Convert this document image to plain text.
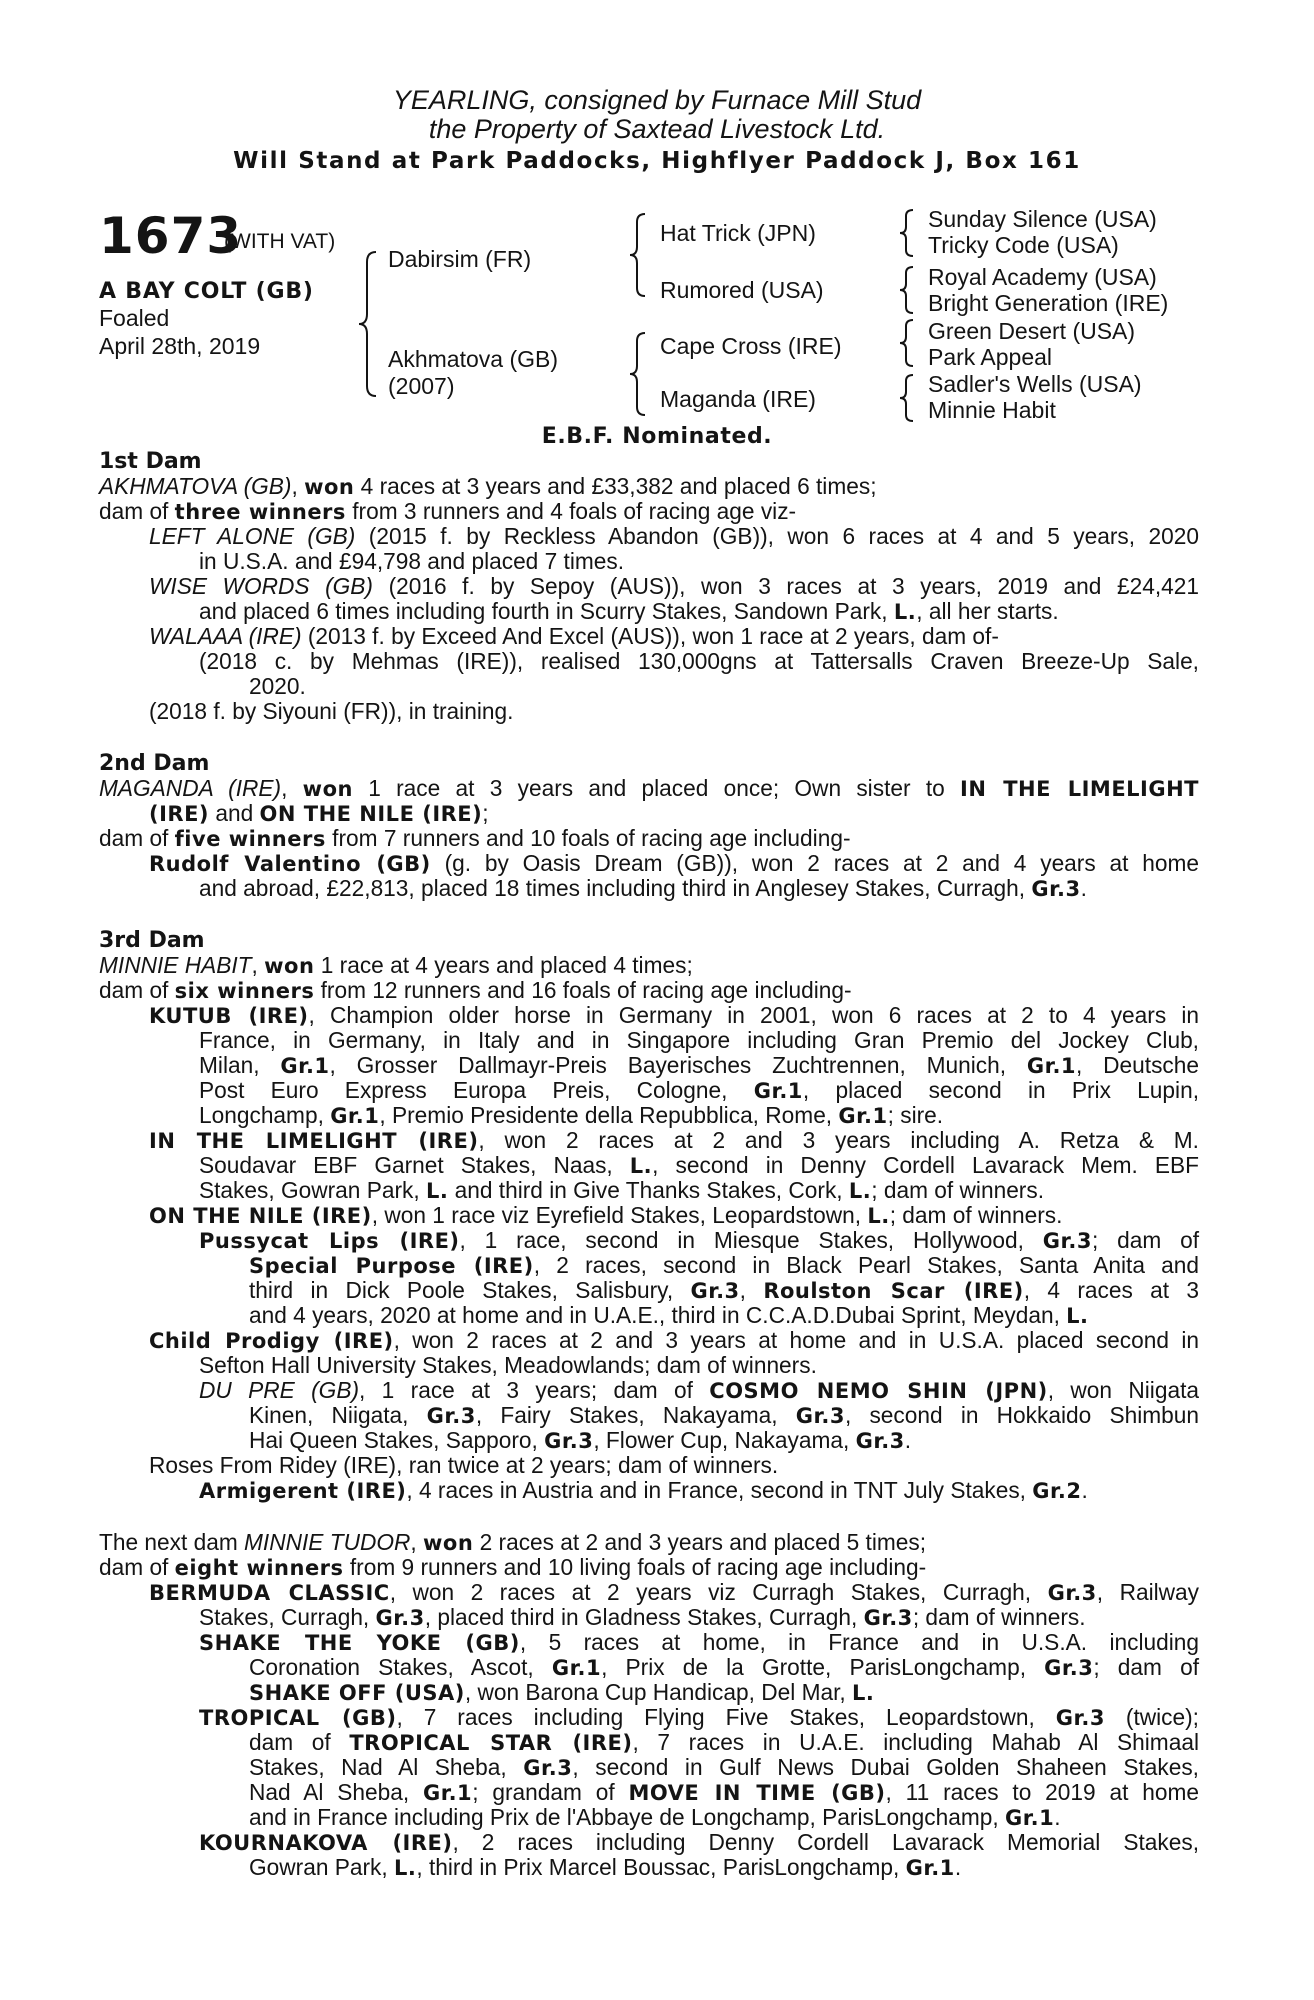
YEARLING, consigned by Furnace Mill Stud
the Property of Saxtead Livestock Ltd.
Will Stand at Park Paddocks, Highflyer Paddock J, Box 161
1673
(WITH VAT)
A BAY COLT (GB)
Foaled
April 28th, 2019
Dabirsim (FR)
Akhmatova (GB)
(2007)
Hat Trick (JPN)
Rumored (USA)
Cape Cross (IRE)
Maganda (IRE)
Sunday Silence (USA)
Tricky Code (USA)
Royal Academy (USA)
Bright Generation (IRE)
Green Desert (USA)
Park Appeal
Sadler's Wells (USA)
Minnie Habit
E.B.F. Nominated.
1st Dam
AKHMATOVA (GB), won 4 races at 3 years and £33,382 and placed 6 times;
dam of three winners from 3 runners and 4 foals of racing age viz-
LEFT ALONE (GB) (2015 f. by Reckless Abandon (GB)), won 6 races at 4 and 5 years, 2020
in U.S.A. and £94,798 and placed 7 times.
WISE WORDS (GB) (2016 f. by Sepoy (AUS)), won 3 races at 3 years, 2019 and £24,421
and placed 6 times including fourth in Scurry Stakes, Sandown Park, L., all her starts.
WALAAA (IRE) (2013 f. by Exceed And Excel (AUS)), won 1 race at 2 years, dam of-
(2018 c. by Mehmas (IRE)), realised 130,000gns at Tattersalls Craven Breeze-Up Sale,
2020.
(2018 f. by Siyouni (FR)), in training.
2nd Dam
MAGANDA (IRE), won 1 race at 3 years and placed once; Own sister to IN THE LIMELIGHT
(IRE) and ON THE NILE (IRE);
dam of five winners from 7 runners and 10 foals of racing age including-
Rudolf Valentino (GB) (g. by Oasis Dream (GB)), won 2 races at 2 and 4 years at home
and abroad, £22,813, placed 18 times including third in Anglesey Stakes, Curragh, Gr.3.
3rd Dam
MINNIE HABIT, won 1 race at 4 years and placed 4 times;
dam of six winners from 12 runners and 16 foals of racing age including-
KUTUB (IRE), Champion older horse in Germany in 2001, won 6 races at 2 to 4 years in
France, in Germany, in Italy and in Singapore including Gran Premio del Jockey Club,
Milan, Gr.1, Grosser Dallmayr-Preis Bayerisches Zuchtrennen, Munich, Gr.1, Deutsche
Post Euro Express Europa Preis, Cologne, Gr.1, placed second in Prix Lupin,
Longchamp, Gr.1, Premio Presidente della Repubblica, Rome, Gr.1; sire.
IN THE LIMELIGHT (IRE), won 2 races at 2 and 3 years including A. Retza & M.
Soudavar EBF Garnet Stakes, Naas, L., second in Denny Cordell Lavarack Mem. EBF
Stakes, Gowran Park, L. and third in Give Thanks Stakes, Cork, L.; dam of winners.
ON THE NILE (IRE), won 1 race viz Eyrefield Stakes, Leopardstown, L.; dam of winners.
Pussycat Lips (IRE), 1 race, second in Miesque Stakes, Hollywood, Gr.3; dam of
Special Purpose (IRE), 2 races, second in Black Pearl Stakes, Santa Anita and
third in Dick Poole Stakes, Salisbury, Gr.3, Roulston Scar (IRE), 4 races at 3
and 4 years, 2020 at home and in U.A.E., third in C.C.A.D.Dubai Sprint, Meydan, L.
Child Prodigy (IRE), won 2 races at 2 and 3 years at home and in U.S.A. placed second in
Sefton Hall University Stakes, Meadowlands; dam of winners.
DU PRE (GB), 1 race at 3 years; dam of COSMO NEMO SHIN (JPN), won Niigata
Kinen, Niigata, Gr.3, Fairy Stakes, Nakayama, Gr.3, second in Hokkaido Shimbun
Hai Queen Stakes, Sapporo, Gr.3, Flower Cup, Nakayama, Gr.3.
Roses From Ridey (IRE), ran twice at 2 years; dam of winners.
Armigerent (IRE), 4 races in Austria and in France, second in TNT July Stakes, Gr.2.
The next dam MINNIE TUDOR, won 2 races at 2 and 3 years and placed 5 times;
dam of eight winners from 9 runners and 10 living foals of racing age including-
BERMUDA CLASSIC, won 2 races at 2 years viz Curragh Stakes, Curragh, Gr.3, Railway
Stakes, Curragh, Gr.3, placed third in Gladness Stakes, Curragh, Gr.3; dam of winners.
SHAKE THE YOKE (GB), 5 races at home, in France and in U.S.A. including
Coronation Stakes, Ascot, Gr.1, Prix de la Grotte, ParisLongchamp, Gr.3; dam of
SHAKE OFF (USA), won Barona Cup Handicap, Del Mar, L.
TROPICAL (GB), 7 races including Flying Five Stakes, Leopardstown, Gr.3 (twice);
dam of TROPICAL STAR (IRE), 7 races in U.A.E. including Mahab Al Shimaal
Stakes, Nad Al Sheba, Gr.3, second in Gulf News Dubai Golden Shaheen Stakes,
Nad Al Sheba, Gr.1; grandam of MOVE IN TIME (GB), 11 races to 2019 at home
and in France including Prix de l'Abbaye de Longchamp, ParisLongchamp, Gr.1.
KOURNAKOVA (IRE), 2 races including Denny Cordell Lavarack Memorial Stakes,
Gowran Park, L., third in Prix Marcel Boussac, ParisLongchamp, Gr.1.
